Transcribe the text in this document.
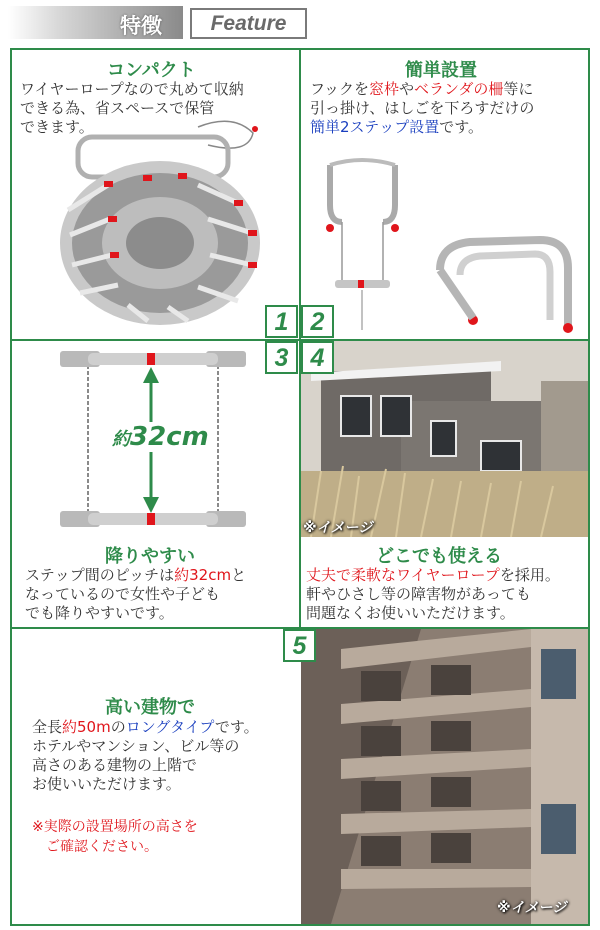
特徴	Feature
コンパクト
ワイヤーロープなので丸めて収納
できる為、省スペースで保管
できます。
1
簡単設置
フックを窓枠やベランダの柵等に
引っ掛け、はしごを下ろすだけの
簡単2ステップ設置です。
2
約32cm
降りやすい
ステップ間のピッチは約32cmと
なっているので女性や子ども
でも降りやすいです。
3
※イメージ
どこでも使える
丈夫で柔軟なワイヤーロープを採用。
軒やひさし等の障害物があっても
問題なくお使いいただけます。
4
※イメージ
高い建物で
全長約50mのロングタイプです。
ホテルやマンション、ビル等の
高さのある建物の上階で
お使いいただけます。
※実際の設置場所の高さを
ご確認ください。
5
